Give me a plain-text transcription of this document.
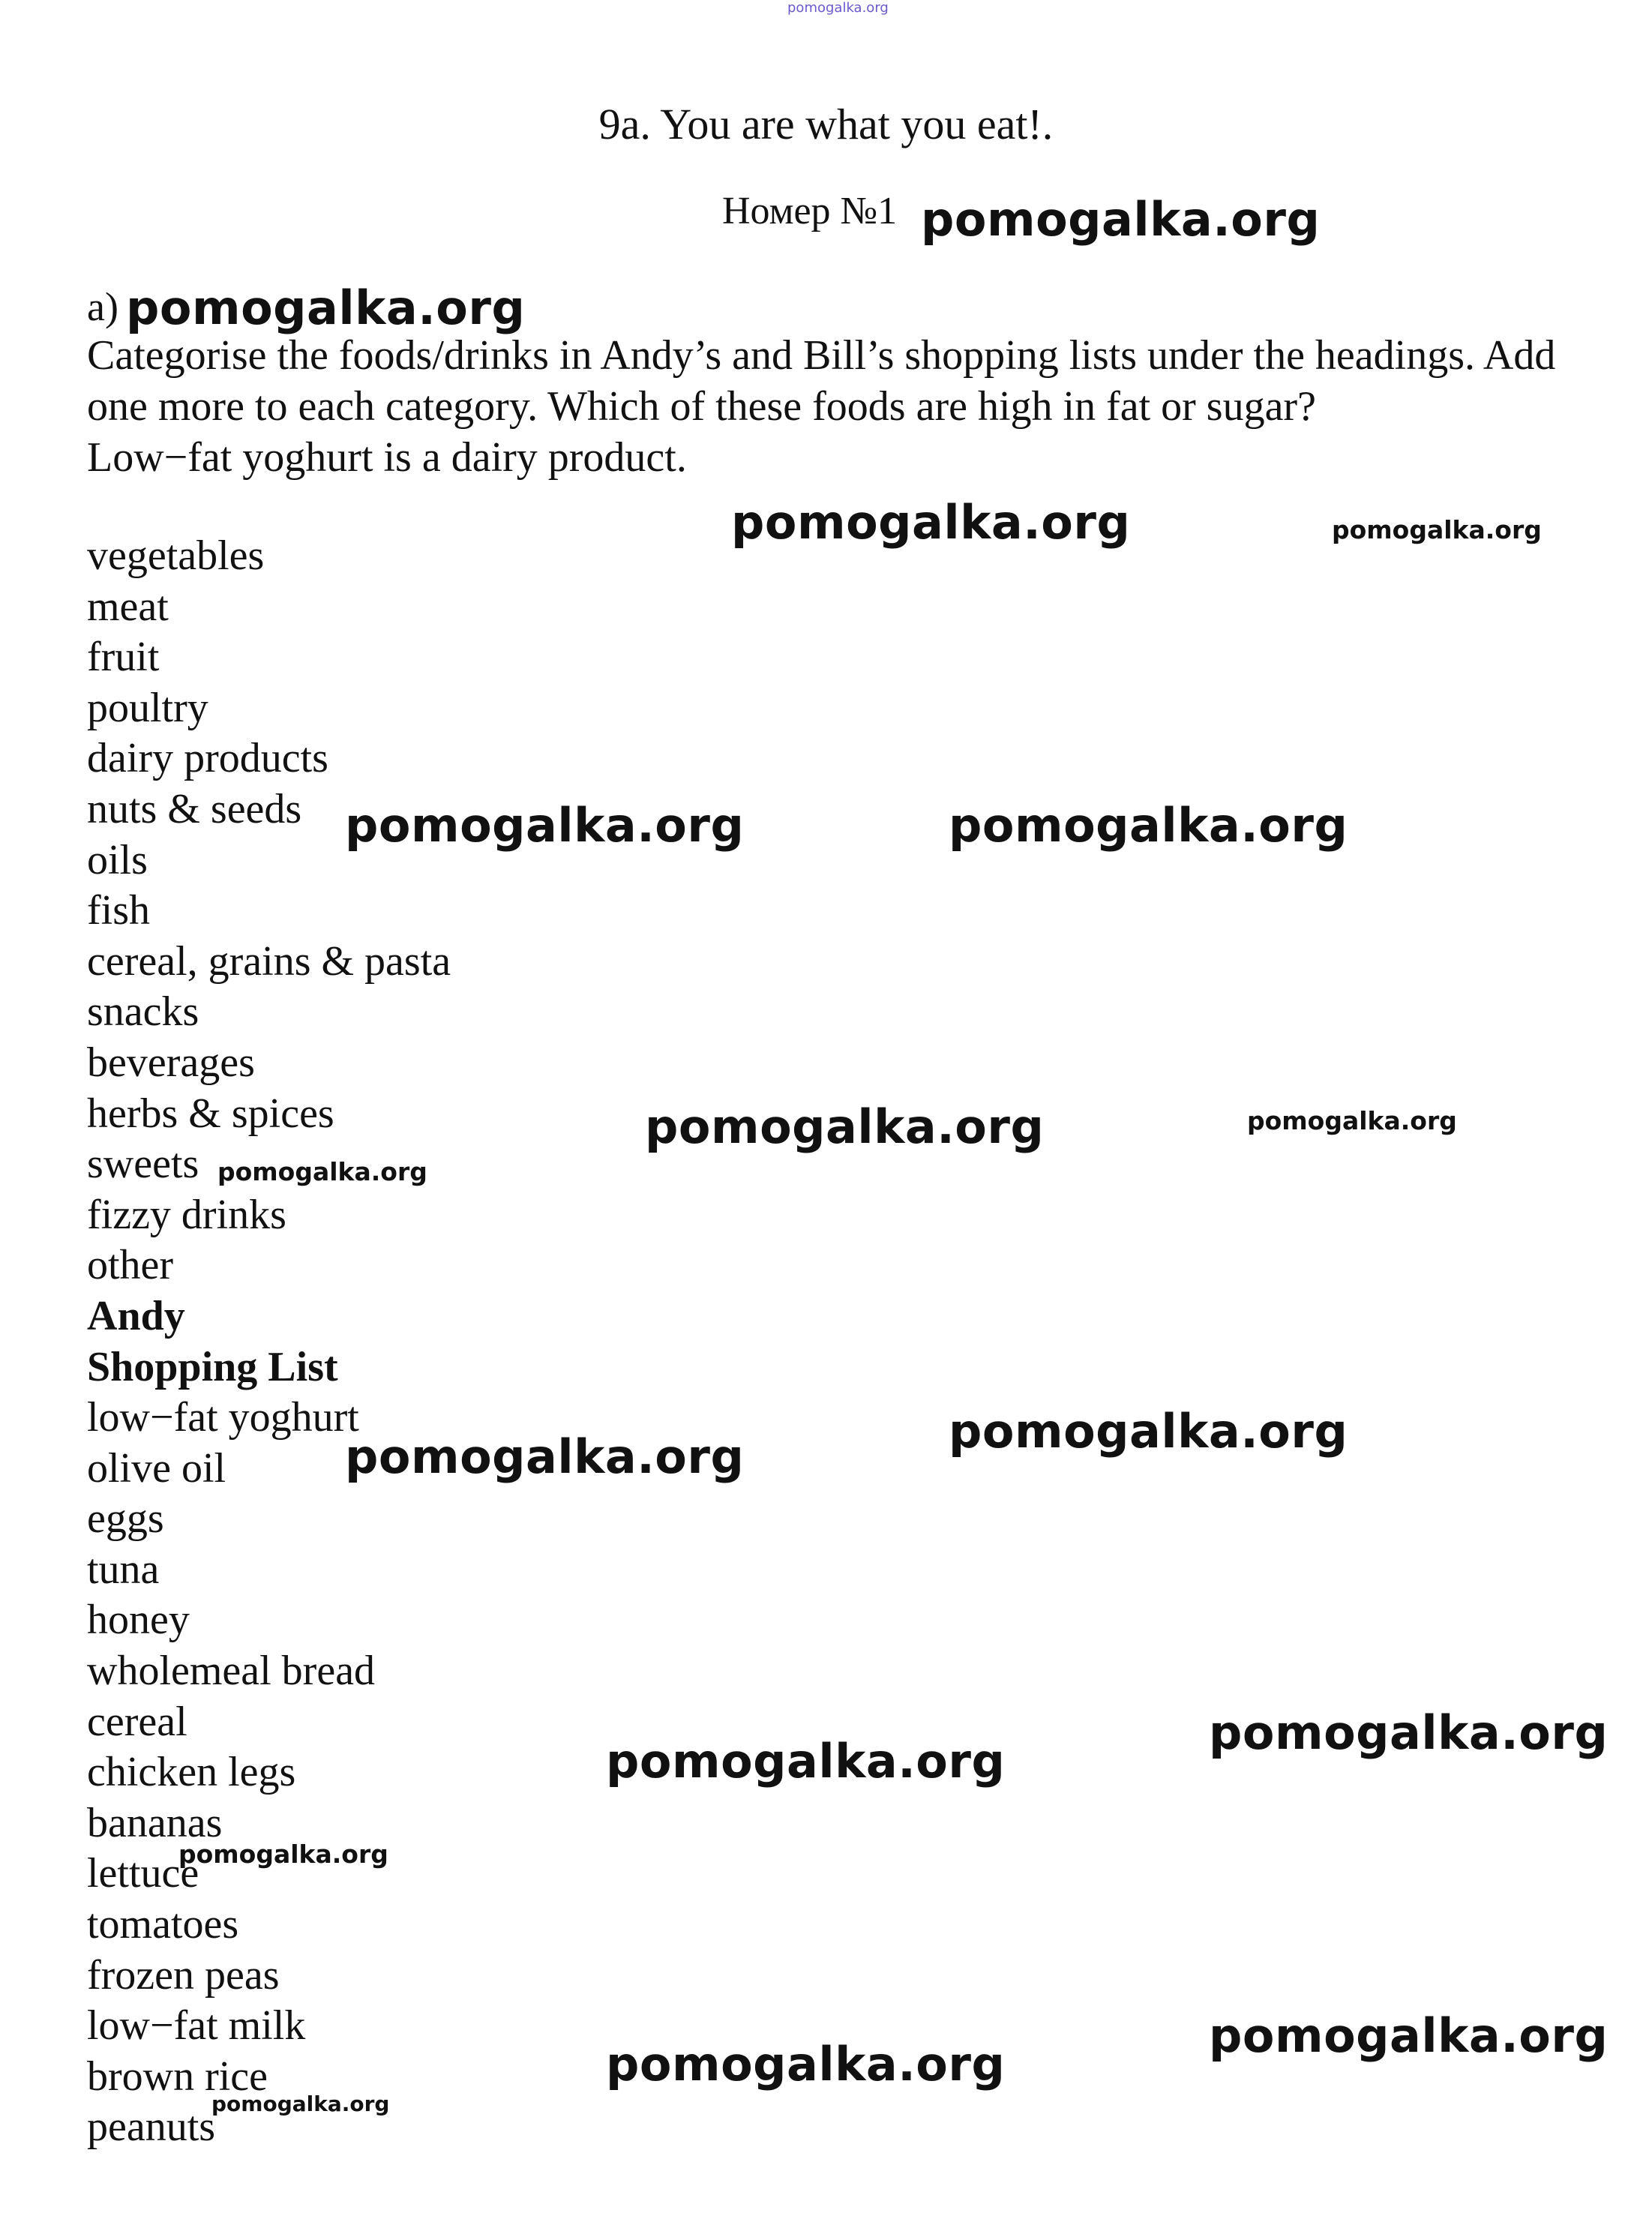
pomogalka.org
9a. You are what you eat!.
Номер №1
a)

Categorise the foods/drinks in Andy’s and Bill’s shopping lists under the headings. Add one more to each category. Which of these foods are high in fat or sugar?

Low−fat yoghurt is a dairy product.

vegetables
meat
fruit
poultry
dairy products
nuts & seeds
oils
fish
cereal, grains & pasta
snacks
beverages
herbs & spices
sweets
fizzy drinks
other
Andy
Shopping List
low−fat yoghurt
olive oil
eggs
tuna
honey
wholemeal bread
cereal
chicken legs
bananas
lettuce
tomatoes
frozen peas
low−fat milk
brown rice
peanuts
pomogalka.org
pomogalka.org
pomogalka.org	pomogalka.org
pomogalka.org	pomogalka.org
pomogalka.org	pomogalka.org
pomogalka.org
pomogalka.org
pomogalka.org
pomogalka.org
pomogalka.org
pomogalka.org
pomogalka.org
pomogalka.org
pomogalka.org
